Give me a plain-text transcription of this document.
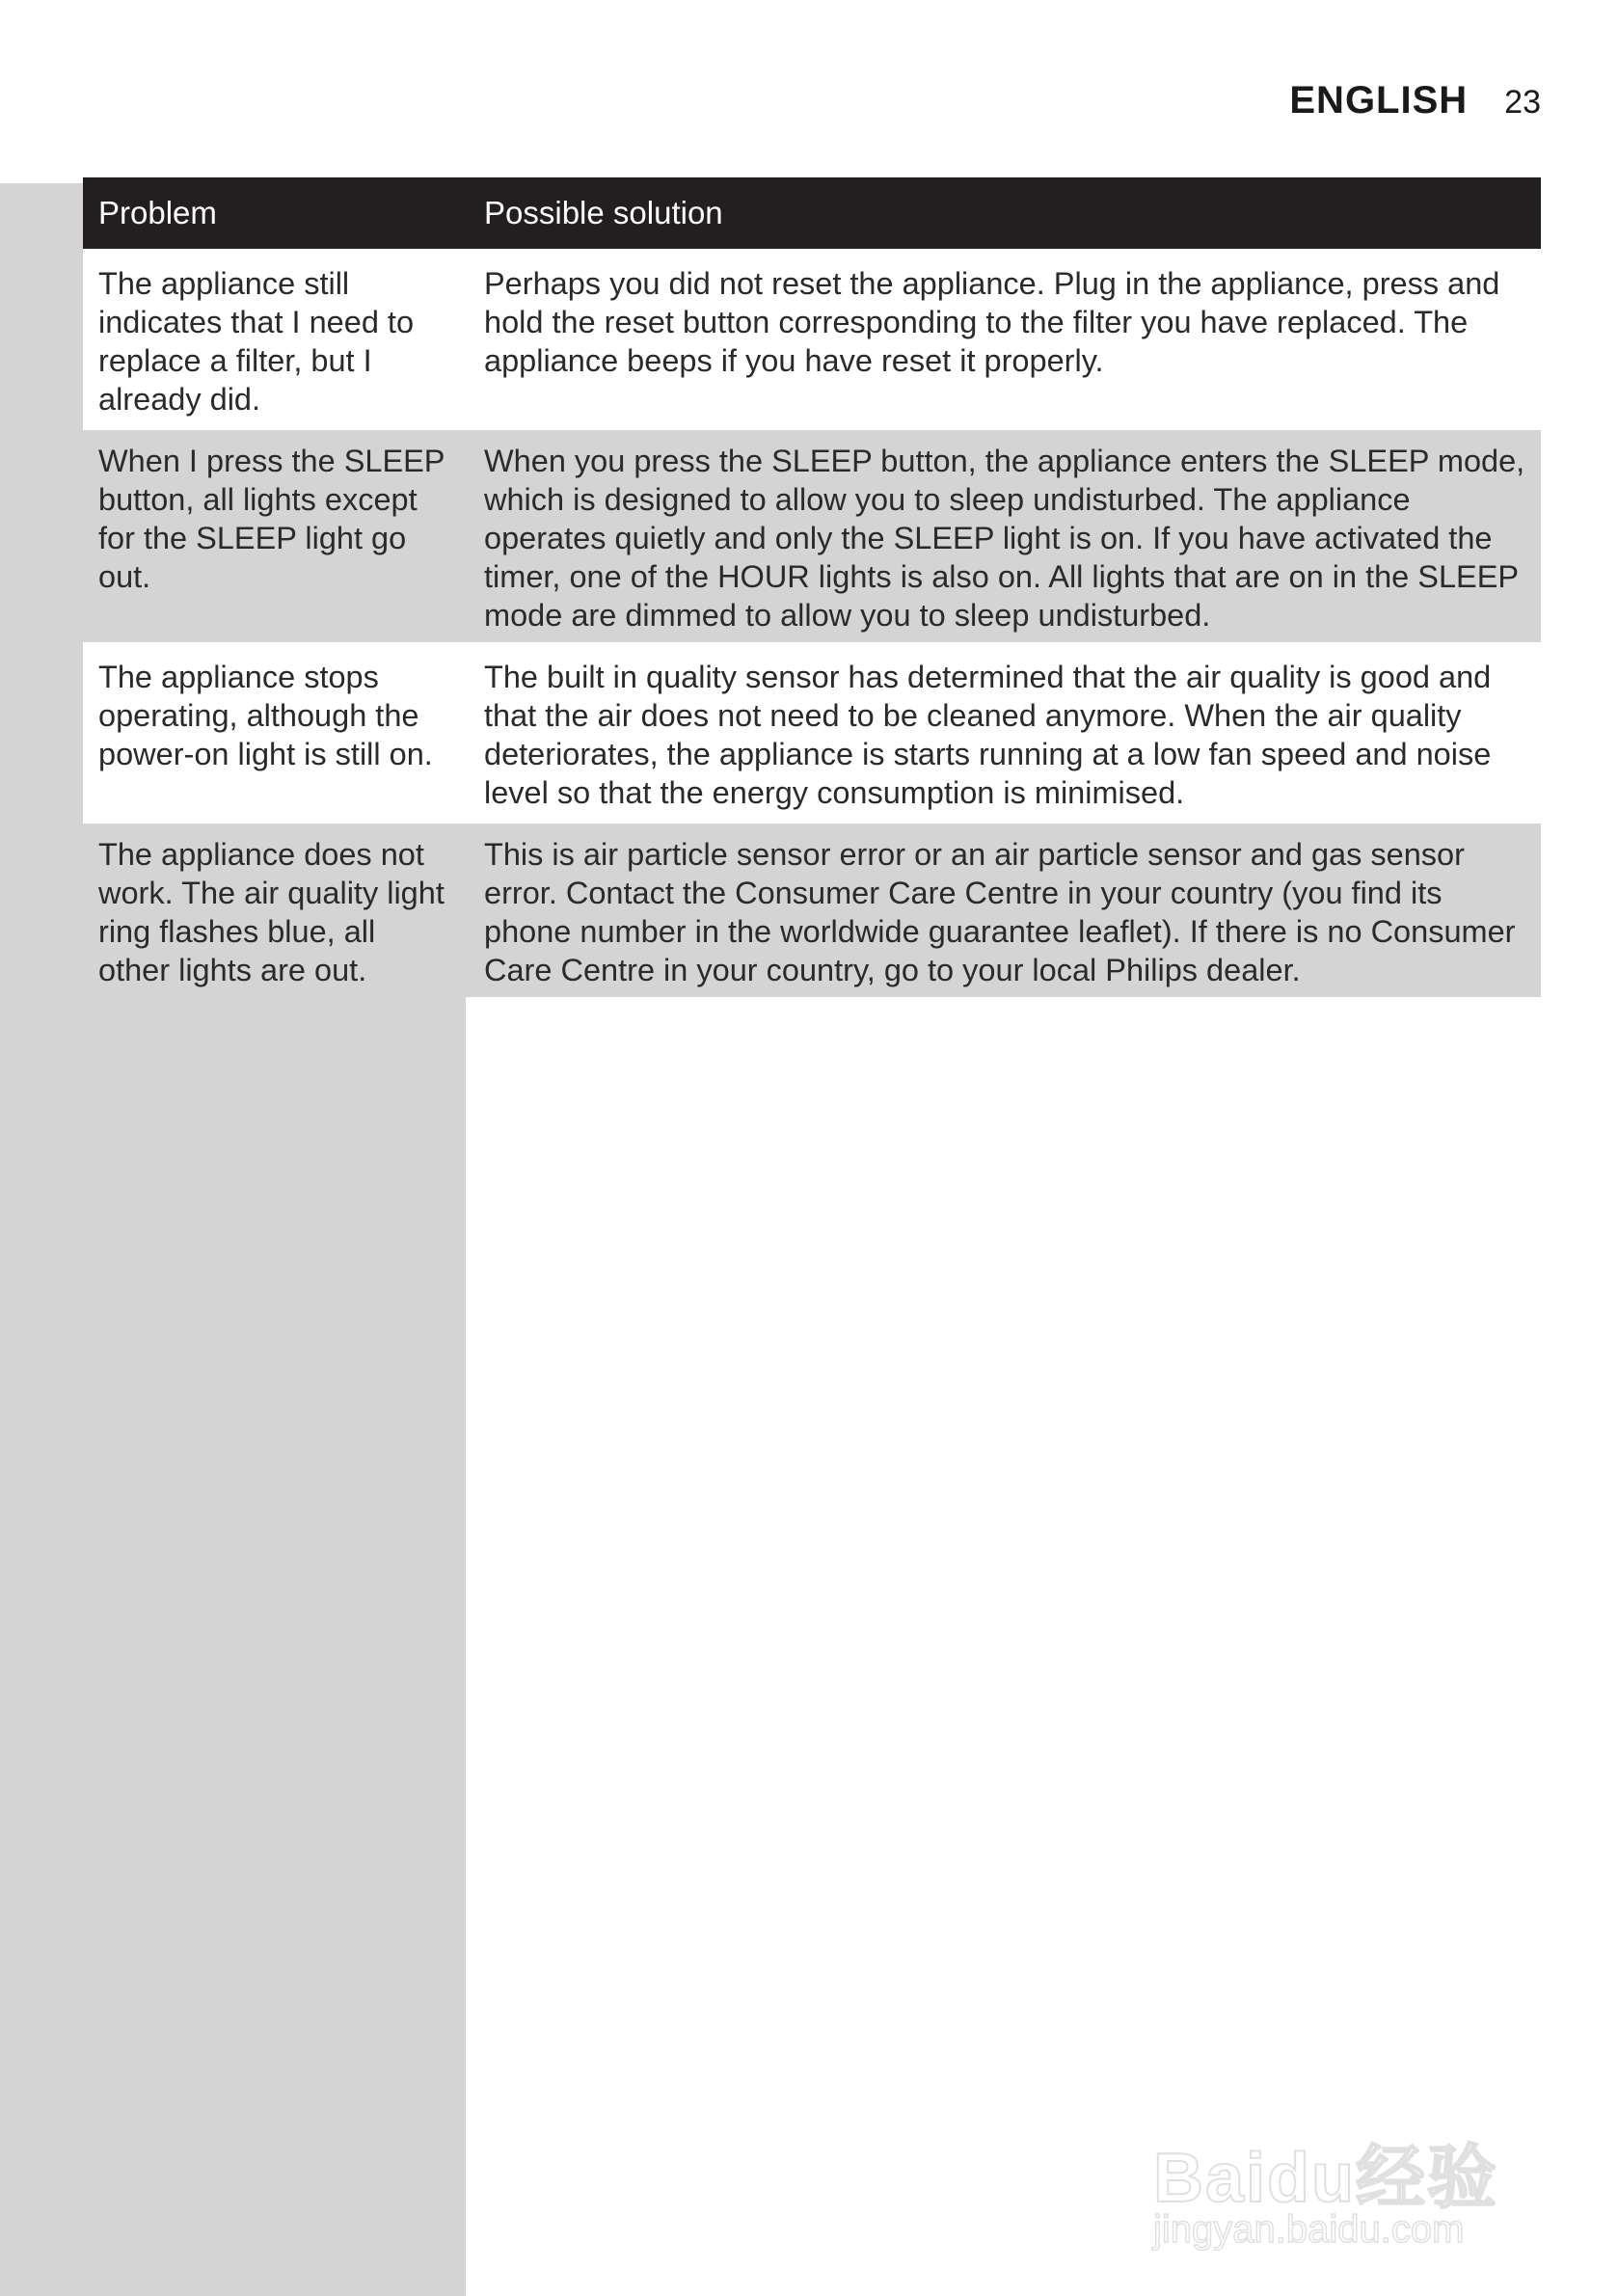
ENGLISH 23
Problem	Possible solution
The appliance still indicates that I need to replace a filter, but I already did.	Perhaps you did not reset the appliance. Plug in the appliance, press and hold the reset button corresponding to the filter you have replaced. The appliance beeps if you have reset it properly.
When I press the SLEEP button, all lights except for the SLEEP light go out.	When you press the SLEEP button, the appliance enters the SLEEP mode, which is designed to allow you to sleep undisturbed. The appliance operates quietly and only the SLEEP light is on. If you have activated the timer, one of the HOUR lights is also on. All lights that are on in the SLEEP mode are dimmed to allow you to sleep undisturbed.
The appliance stops operating, although the power-on light is still on.	The built in quality sensor has determined that the air quality is good and that the air does not need to be cleaned anymore. When the air quality deteriorates, the appliance is starts running at a low fan speed and noise level so that the energy consumption is minimised.
The appliance does not work. The air quality light ring flashes blue, all other lights are out.	This is air particle sensor error or an air particle sensor and gas sensor error. Contact the Consumer Care Centre in your country (you find its phone number in the worldwide guarantee leaflet). If there is no Consumer Care Centre in your country, go to your local Philips dealer.
Baidu经验
jingyan.baidu.com
